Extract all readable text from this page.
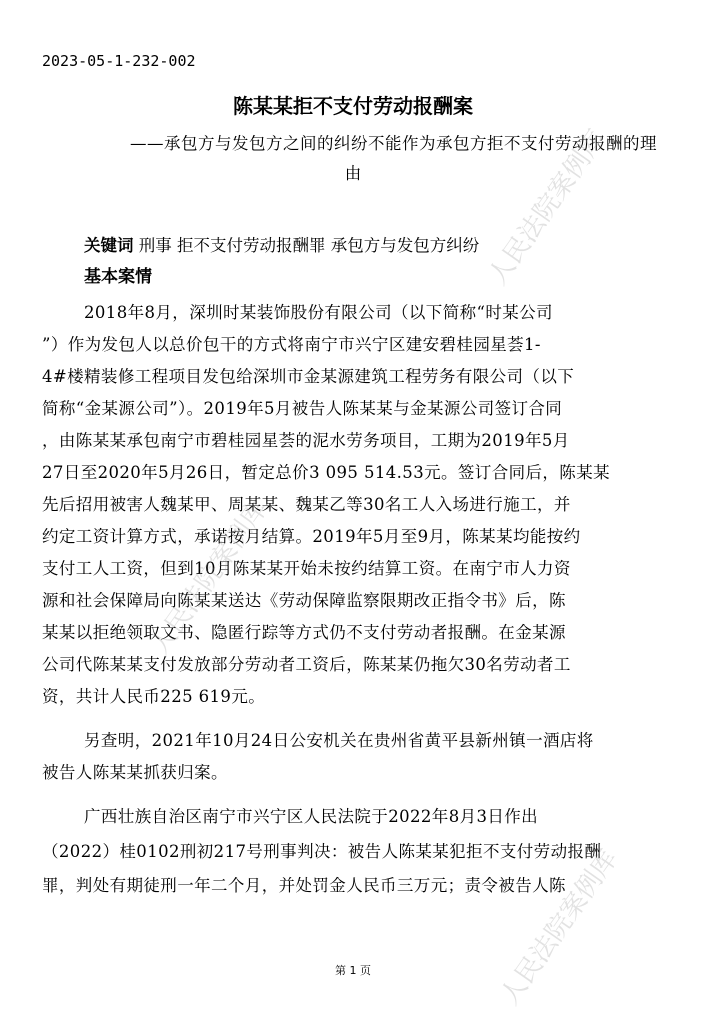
2023-05-1-232-002
陈某某拒不支付劳动报酬案
——承包方与发包方之间的纠纷不能作为承包方拒不支付劳动报酬的理
由
关键词 刑事 拒不支付劳动报酬罪 承包方与发包方纠纷
基本案情
2018年8月，深圳时某装饰股份有限公司（以下简称“时某公司
”）作为发包人以总价包干的方式将南宁市兴宁区建安碧桂园星荟1-
4#楼精装修工程项目发包给深圳市金某源建筑工程劳务有限公司（以下
简称“金某源公司”）。2019年5月被告人陈某某与金某源公司签订合同
，由陈某某承包南宁市碧桂园星荟的泥水劳务项目，工期为2019年5月
27日至2020年5月26日，暂定总价3 095 514.53元。签订合同后，陈某某
先后招用被害人魏某甲、周某某、魏某乙等30名工人入场进行施工，并
约定工资计算方式，承诺按月结算。2019年5月至9月，陈某某均能按约
支付工人工资，但到10月陈某某开始未按约结算工资。在南宁市人力资
源和社会保障局向陈某某送达《劳动保障监察限期改正指令书》后，陈
某某以拒绝领取文书、隐匿行踪等方式仍不支付劳动者报酬。在金某源
公司代陈某某支付发放部分劳动者工资后，陈某某仍拖欠30名劳动者工
资，共计人民币225 619元。
另查明，2021年10月24日公安机关在贵州省黄平县新州镇一酒店将
被告人陈某某抓获归案。
广西壮族自治区南宁市兴宁区人民法院于2022年8月3日作出
（2022）桂0102刑初217号刑事判决：被告人陈某某犯拒不支付劳动报酬
罪，判处有期徒刑一年二个月，并处罚金人民币三万元；责令被告人陈
人民法院案例库
人民法院案例库
人民法院案例库
第 1 页
